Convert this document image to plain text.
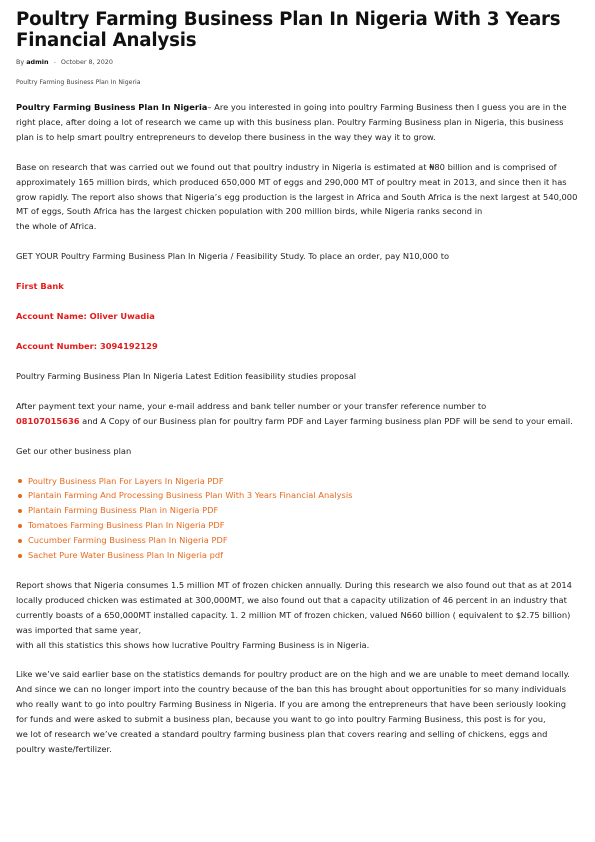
Poultry Farming Business Plan In Nigeria With 3 Years Financial Analysis
By admin - October 8, 2020
Poultry Farming Business Plan In Nigeria

Poultry Farming Business Plan In Nigeria– Are you interested in going into poultry Farming Business then I guess you are in the right place, after doing a lot of research we came up with this business plan. Poultry Farming Business plan in Nigeria, this business plan is to help smart poultry entrepreneurs to develop there business in the way they way it to grow.

Base on research that was carried out we found out that poultry industry in Nigeria is estimated at ₦80 billion and is comprised of approximately 165 million birds, which produced 650,000 MT of eggs and 290,000 MT of poultry meat in 2013, and since then it has grow rapidly. The report also shows that Nigeria’s egg production is the largest in Africa and South Africa is the next largest at 540,000 MT of eggs, South Africa has the largest chicken population with 200 million birds, while Nigeria ranks second in
the whole of Africa.

GET YOUR Poultry Farming Business Plan In Nigeria / Feasibility Study. To place an order, pay N10,000 to

First Bank

Account Name: Oliver Uwadia

Account Number: 3094192129

Poultry Farming Business Plan In Nigeria Latest Edition feasibility studies proposal

After payment text your name, your e-mail address and bank teller number or your transfer reference number to
08107015636 and A Copy of our Business plan for poultry farm PDF and Layer farming business plan PDF will be send to your email.

Get our other business plan

Poultry Business Plan For Layers In Nigeria PDF
Plantain Farming And Processing Business Plan With 3 Years Financial Analysis
Plantain Farming Business Plan in Nigeria PDF
Tomatoes Farming Business Plan In Nigeria PDF
Cucumber Farming Business Plan In Nigeria PDF
Sachet Pure Water Business Plan In Nigeria pdf

Report shows that Nigeria consumes 1.5 million MT of frozen chicken annually. During this research we also found out that as at 2014 locally produced chicken was estimated at 300,000MT, we also found out that a capacity utilization of 46 percent in an industry that currently boasts of a 650,000MT installed capacity. 1. 2 million MT of frozen chicken, valued N660 billion ( equivalent to $2.75 billion) was imported that same year,
with all this statistics this shows how lucrative Poultry Farming Business is in Nigeria.

Like we’ve said earlier base on the statistics demands for poultry product are on the high and we are unable to meet demand locally. And since we can no longer import into the country because of the ban this has brought about opportunities for so many individuals who really want to go into poultry Farming Business in Nigeria. If you are among the entrepreneurs that have been seriously looking for funds and were asked to submit a business plan, because you want to go into poultry Farming Business, this post is for you,
we lot of research we’ve created a standard poultry farming business plan that covers rearing and selling of chickens, eggs and poultry waste/fertilizer.
